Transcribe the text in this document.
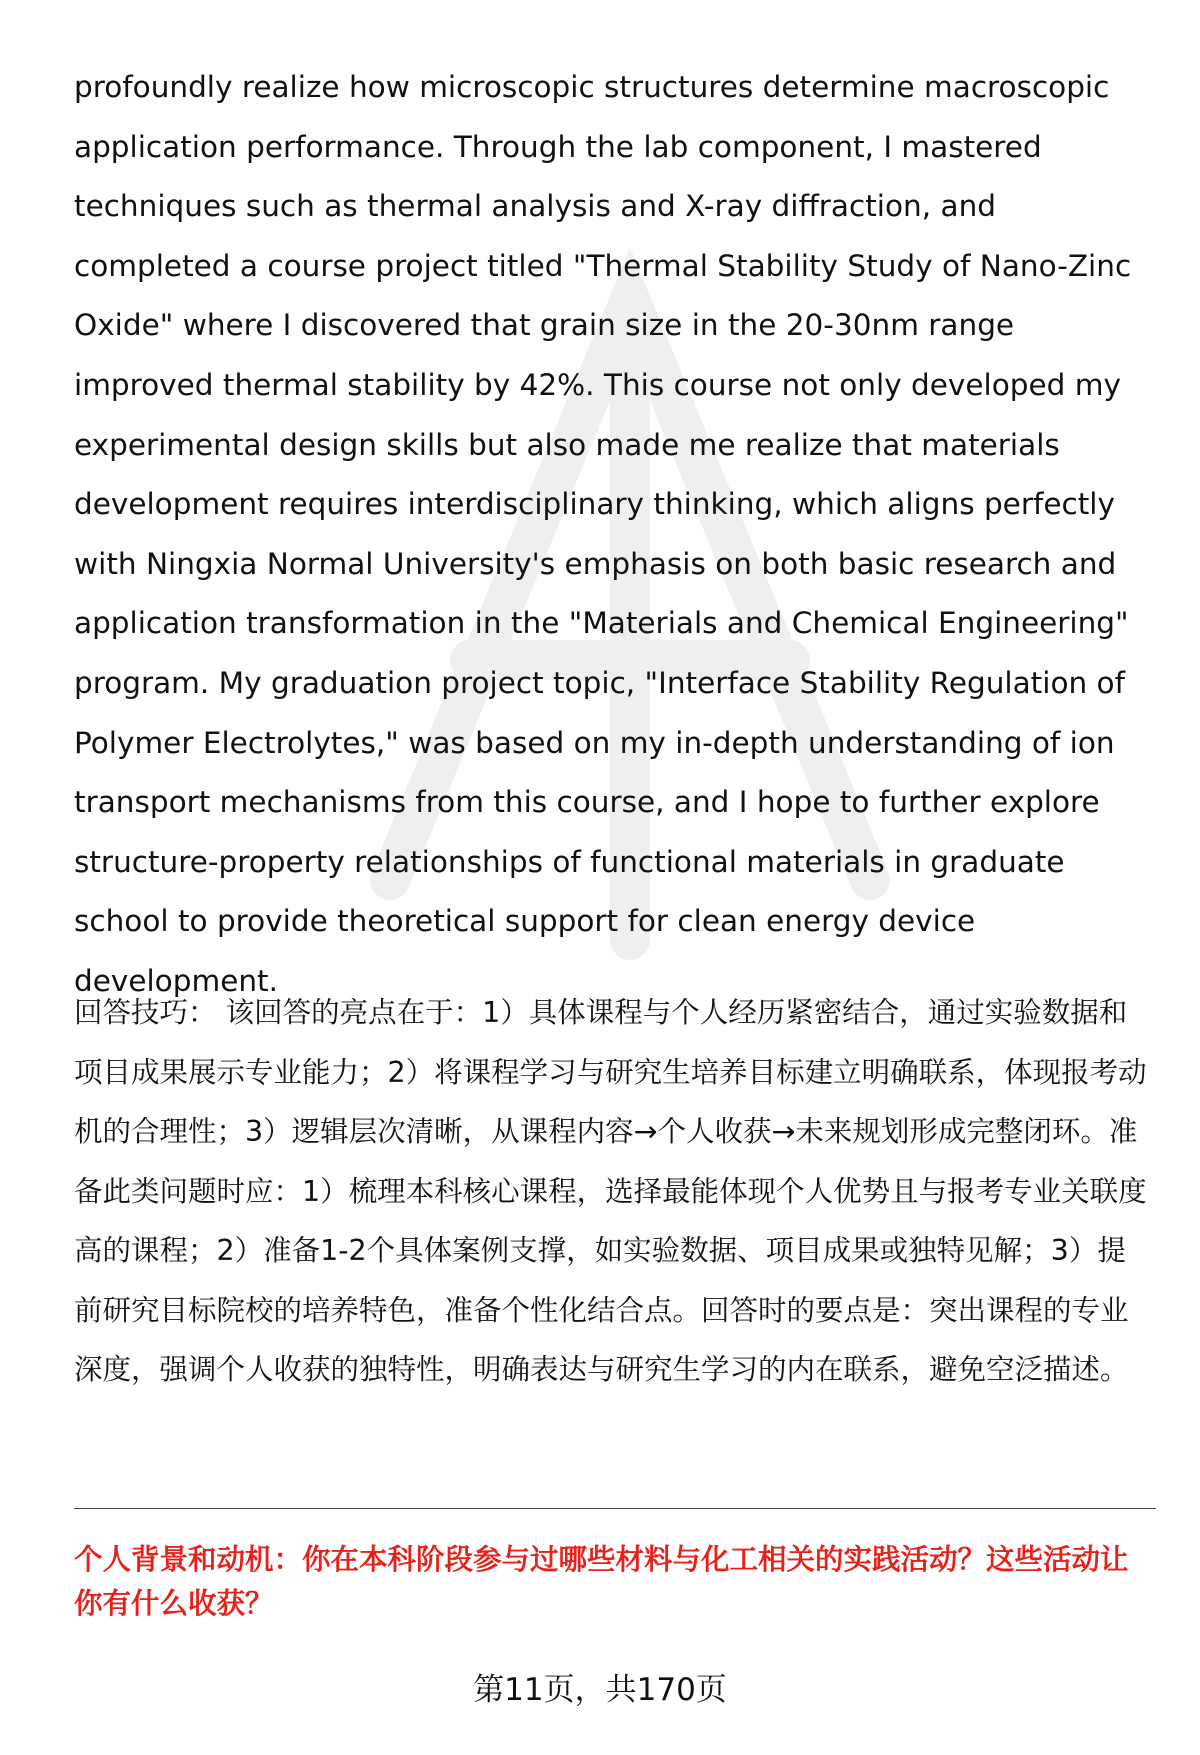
profoundly realize how microscopic structures determine macroscopic application performance. Through the lab component, I mastered techniques such as thermal analysis and X-ray diffraction, and completed a course project titled "Thermal Stability Study of Nano-Zinc Oxide" where I discovered that grain size in the 20-30nm range improved thermal stability by 42%. This course not only developed my experimental design skills but also made me realize that materials development requires interdisciplinary thinking, which aligns perfectly with Ningxia Normal University's emphasis on both basic research and application transformation in the "Materials and Chemical Engineering" program. My graduation project topic, "Interface Stability Regulation of Polymer Electrolytes," was based on my in-depth understanding of ion transport mechanisms from this course, and I hope to further explore structure-property relationships of functional materials in graduate school to provide theoretical support for clean energy device development.

回答技巧： 该回答的亮点在于：1）具体课程与个人经历紧密结合，通过实验数据和项目成果展示专业能力；2）将课程学习与研究生培养目标建立明确联系，体现报考动机的合理性；3）逻辑层次清晰，从课程内容→个人收获→未来规划形成完整闭环。准备此类问题时应：1）梳理本科核心课程，选择最能体现个人优势且与报考专业关联度高的课程；2）准备1-2个具体案例支撑，如实验数据、项目成果或独特见解；3）提前研究目标院校的培养特色，准备个性化结合点。回答时的要点是：突出课程的专业深度，强调个人收获的独特性，明确表达与研究生学习的内在联系，避免空泛描述。

个人背景和动机：你在本科阶段参与过哪些材料与化工相关的实践活动？这些活动让你有什么收获？

第11页，共170页
